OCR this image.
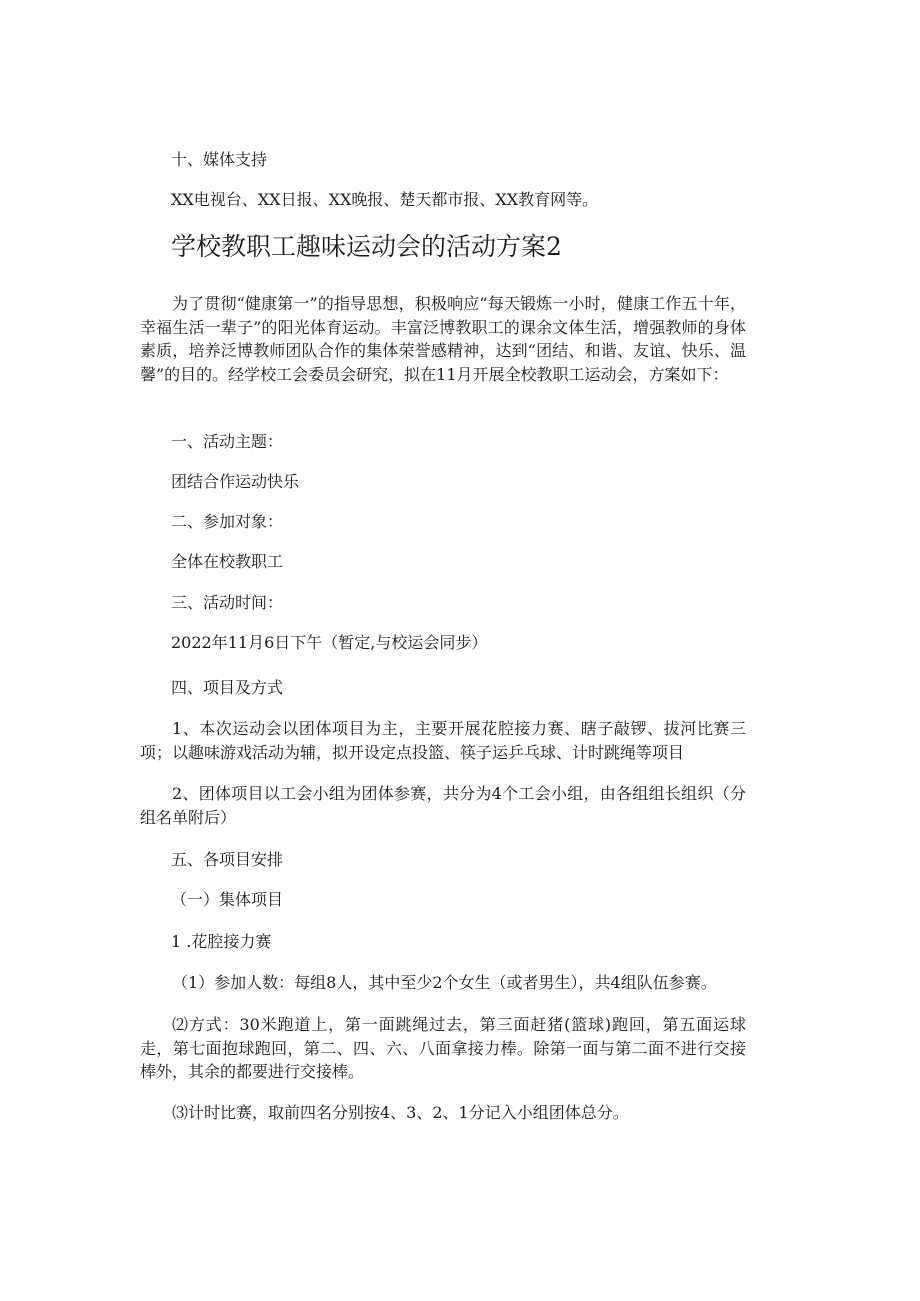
十、媒体支持

XX电视台、XX日报、XX晚报、楚天都市报、XX教育网等。

学校教职工趣味运动会的活动方案2

为了贯彻“健康第一”的指导思想，积极响应“每天锻炼一小时，健康工作五十年，幸福生活一辈子”的阳光体育运动。丰富泛博教职工的课余文体生活，增强教师的身体素质，培养泛博教师团队合作的集体荣誉感精神，达到“团结、和谐、友谊、快乐、温馨”的目的。经学校工会委员会研究，拟在11月开展全校教职工运动会，方案如下：

一、活动主题：

团结合作运动快乐

二、参加对象：

全体在校教职工

三、活动时间：

2022年11月6日下午（暂定,与校运会同步）

四、项目及方式

1、本次运动会以团体项目为主，主要开展花腔接力赛、瞎子敲锣、拔河比赛三项；以趣味游戏活动为辅，拟开设定点投篮、筷子运乒乓球、计时跳绳等项目

2、团体项目以工会小组为团体参赛，共分为4个工会小组，由各组组长组织（分组名单附后）

五、各项目安排

（一）集体项目

1 .花腔接力赛

（1）参加人数：每组8人，其中至少2个女生（或者男生），共4组队伍参赛。

⑵方式：30米跑道上，第一面跳绳过去，第三面赶猪(篮球)跑回，第五面运球走，第七面抱球跑回，第二、四、六、八面拿接力棒。除第一面与第二面不进行交接棒外，其余的都要进行交接棒。

⑶计时比赛，取前四名分别按4、3、2、1分记入小组团体总分。
